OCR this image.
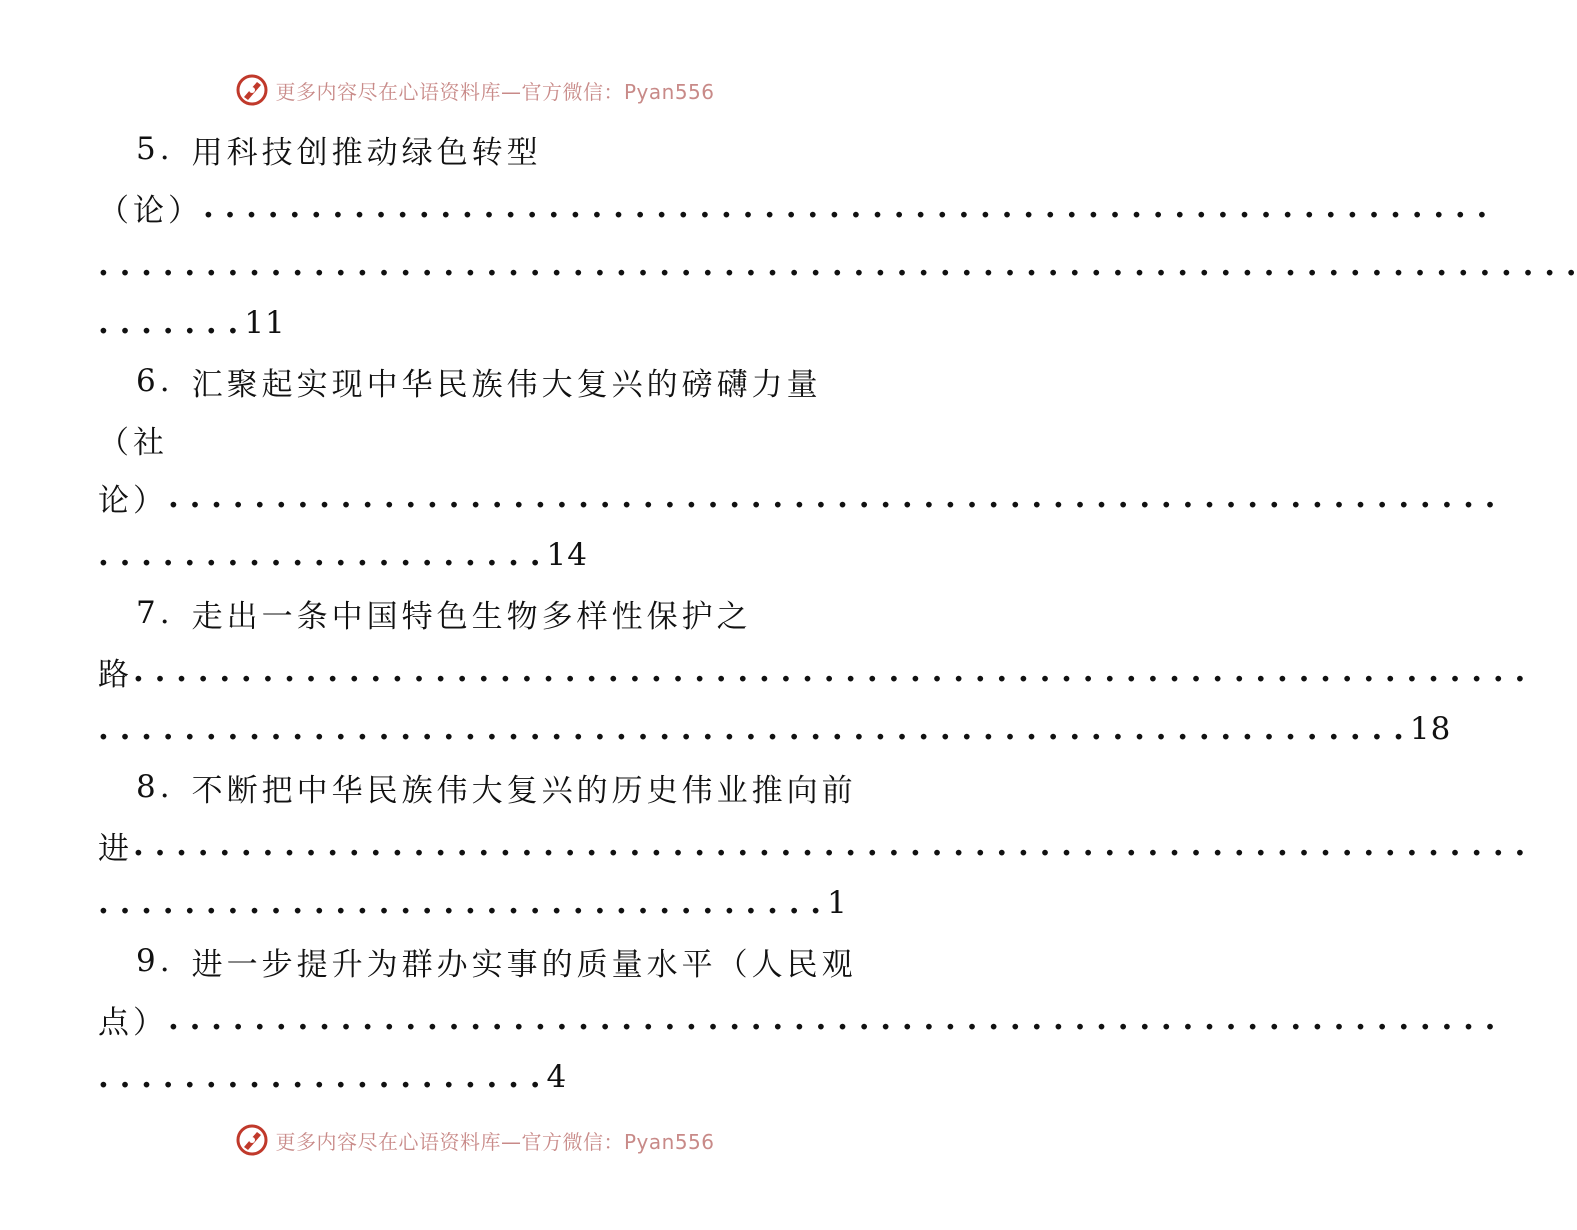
更多内容尽在心语资料库—官方微信：Pyan556
5. 用科技创推动绿色转型
（论） . . . . . . . . . . . . . . . . . . . . . . . . . . . . . . . . . . . . . . . . . . . . . . . . . . . . . . . . . . . .
. . . . . . . . . . . . . . . . . . . . . . . . . . . . . . . . . . . . . . . . . . . . . . . . . . . . . . . . . . . . . . . . . . . . .
. . . . . . . 11
6. 汇聚起实现中华民族伟大复兴的磅礴力量
（社
论） . . . . . . . . . . . . . . . . . . . . . . . . . . . . . . . . . . . . . . . . . . . . . . . . . . . . . . . . . . . . . .
. . . . . . . . . . . . . . . . . . . . . 14
7. 走出一条中国特色生物多样性保护之
路 . . . . . . . . . . . . . . . . . . . . . . . . . . . . . . . . . . . . . . . . . . . . . . . . . . . . . . . . . . . . . . . . .
. . . . . . . . . . . . . . . . . . . . . . . . . . . . . . . . . . . . . . . . . . . . . . . . . . . . . . . . . . . . . 18
8. 不断把中华民族伟大复兴的历史伟业推向前
进 . . . . . . . . . . . . . . . . . . . . . . . . . . . . . . . . . . . . . . . . . . . . . . . . . . . . . . . . . . . . . . . . .
. . . . . . . . . . . . . . . . . . . . . . . . . . . . . . . . . . 1
9. 进一步提升为群办实事的质量水平（人民观
点） . . . . . . . . . . . . . . . . . . . . . . . . . . . . . . . . . . . . . . . . . . . . . . . . . . . . . . . . . . . . . .
. . . . . . . . . . . . . . . . . . . . . 4
更多内容尽在心语资料库—官方微信：Pyan556
